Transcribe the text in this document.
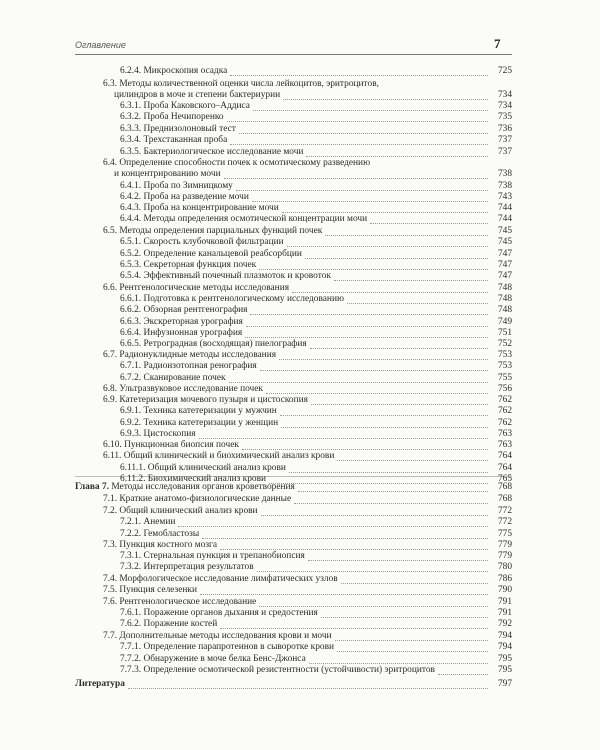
Оглавление	7
6.2.4. Микроскопия осадка	725
6.3. Методы количественной оценки числа лейкоцитов, эритроцитов,
цилиндров в моче и степени бактериурии	734
6.3.1. Проба Каковского–Аддиса	734
6.3.2. Проба Нечипоренко	735
6.3.3. Преднизолоновый тест	736
6.3.4. Трехстаканная проба	737
6.3.5. Бактериологическое исследование мочи	737
6.4. Определение способности почек к осмотическому разведению
и концентрированию мочи	738
6.4.1. Проба по Зимницкому	738
6.4.2. Проба на разведение мочи	743
6.4.3. Проба на концентрирование мочи	744
6.4.4. Методы определения осмотической концентрации мочи	744
6.5. Методы определения парциальных функций почек	745
6.5.1. Скорость клубочковой фильтрации	745
6.5.2. Определение канальцевой реабсорбции	747
6.5.3. Секреторная функция почек	747
6.5.4. Эффективный почечный плазмоток и кровоток	747
6.6. Рентгенологические методы исследования	748
6.6.1. Подготовка к рентгенологическому исследованию	748
6.6.2. Обзорная рентгенография	748
6.6.3. Экскреторная урография	749
6.6.4. Инфузионная урография	751
6.6.5. Ретроградная (восходящая) пиелография	752
6.7. Радионуклидные методы исследования	753
6.7.1. Радиоизотопная ренография	753
6.7.2. Сканирование почек	755
6.8. Ультразвуковое исследование почек	756
6.9. Катетеризация мочевого пузыря и цистоскопия	762
6.9.1. Техника катетеризации у мужчин	762
6.9.2. Техника катетеризации у женщин	762
6.9.3. Цистоскопия	763
6.10. Пункционная биопсия почек	763
6.11. Общий клинический и биохимический анализ крови	764
6.11.1. Общий клинический анализ крови	764
6.11.2. Биохимический анализ крови	765
Глава 7. Методы исследования органов кроветворения	768
7.1. Краткие анатомо-физиологические данные	768
7.2. Общий клинический анализ крови	772
7.2.1. Анемии	772
7.2.2. Гемобластозы	775
7.3. Пункция костного мозга	779
7.3.1. Стернальная пункция и трепанобиопсия	779
7.3.2. Интерпретация результатов	780
7.4. Морфологическое исследование лимфатических узлов	786
7.5. Пункция селезенки	790
7.6. Рентгенологическое исследование	791
7.6.1. Поражение органов дыхания и средостения	791
7.6.2. Поражение костей	792
7.7. Дополнительные методы исследования крови и мочи	794
7.7.1. Определение парапротеинов в сыворотке крови	794
7.7.2. Обнаружение в моче белка Бенс-Джонса	795
7.7.3. Определение осмотической резистентности (устойчивости) эритроцитов	795
Литература	797
